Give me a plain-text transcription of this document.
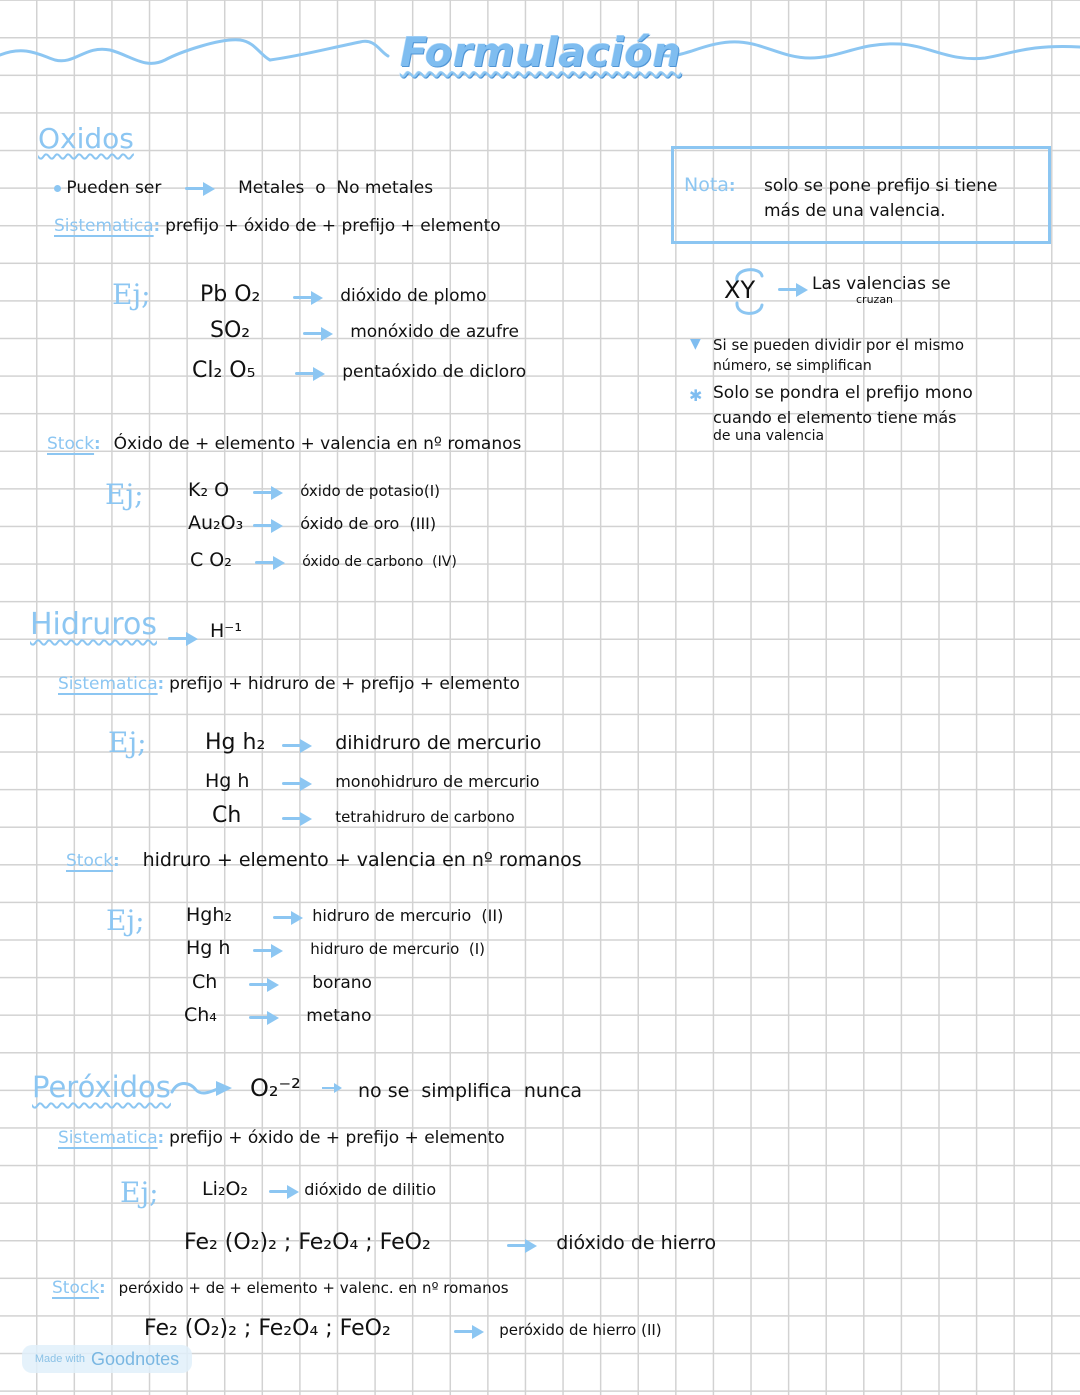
Formulación
Oxidos
Pueden ser	Metales  o  No metales
Sistematica: prefijo + óxido de + prefijo + elemento
Ej; Pb O₂	dióxido de plomo
SO₂	monóxido de azufre
Cl₂ O₅	pentaóxido de dicloro
Stock: Óxido de + elemento + valencia en nº romanos
Ej; K₂ O	óxido de potasio(I)
Au₂O₃	óxido de oro  (III)
C O₂	óxido de carbono  (IV)
Nota: solo se pone prefijo si tiene
más de una valencia.
XY	Las valencias se
cruzan
▼ Si se pueden dividir por el mismo
número, se simplifican
✱ Solo se pondra el prefijo mono
cuando el elemento tiene más
de una valencia
Hidruros	H⁻¹
Sistematica: prefijo + hidruro de + prefijo + elemento
Ej;	Hg h₂	dihidruro de mercurio
Hg h	monohidruro de mercurio
Ch	tetrahidruro de carbono
Stock: hidruro + elemento + valencia en nº romanos
Ej; Hgh₂	hidruro de mercurio  (II)
Hg h	hidruro de mercurio  (I)
Ch	borano
Ch₄	metano
Peróxidos	O₂⁻²	no se  simplifica  nunca
Sistematica: prefijo + óxido de + prefijo + elemento
Ej; Li₂O₂	dióxido de dilitio
Fe₂ (O₂)₂ ; Fe₂O₄ ; FeO₂	dióxido de hierro
Stock: peróxido + de + elemento + valenc. en nº romanos
Fe₂ (O₂)₂ ; Fe₂O₄ ; FeO₂	peróxido de hierro (II)
Made with Goodnotes
